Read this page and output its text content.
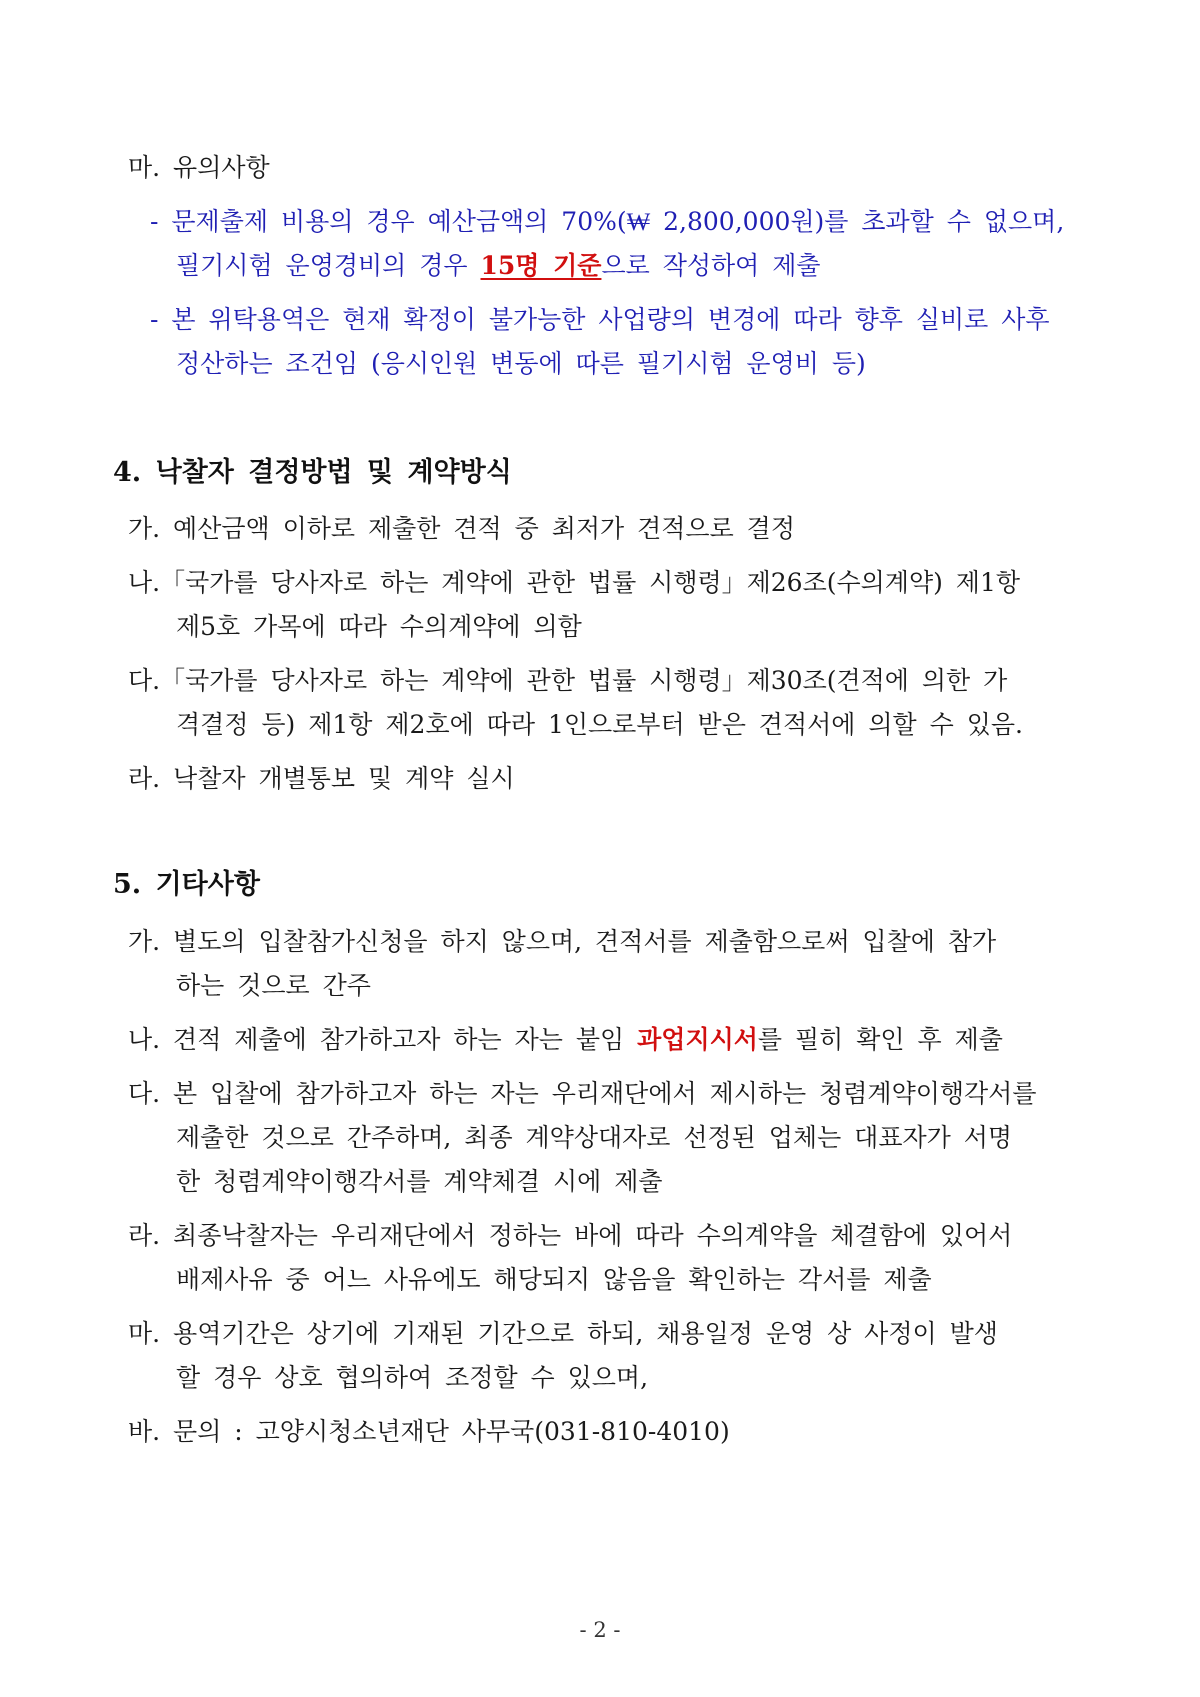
마. 유의사항
- 문제출제 비용의 경우 예산금액의 70%(₩ 2,800,000원)를 초과할 수 없으며,
필기시험 운영경비의 경우 15명 기준으로 작성하여 제출
- 본 위탁용역은 현재 확정이 불가능한 사업량의 변경에 따라 향후 실비로 사후
정산하는 조건임 (응시인원 변동에 따른 필기시험 운영비 등)
4. 낙찰자 결정방법 및 계약방식
가. 예산금액 이하로 제출한 견적 중 최저가 견적으로 결정
나.「국가를 당사자로 하는 계약에 관한 법률 시행령」제26조(수의계약) 제1항
제5호 가목에 따라 수의계약에 의함
다.「국가를 당사자로 하는 계약에 관한 법률 시행령」제30조(견적에 의한 가
격결정 등) 제1항 제2호에 따라 1인으로부터 받은 견적서에 의할 수 있음.
라. 낙찰자 개별통보 및 계약 실시
5. 기타사항
가. 별도의 입찰참가신청을 하지 않으며, 견적서를 제출함으로써 입찰에 참가
하는 것으로 간주
나. 견적 제출에 참가하고자 하는 자는 붙임 과업지시서를 필히 확인 후 제출
다. 본 입찰에 참가하고자 하는 자는 우리재단에서 제시하는 청렴계약이행각서를
제출한 것으로 간주하며, 최종 계약상대자로 선정된 업체는 대표자가 서명
한 청렴계약이행각서를 계약체결 시에 제출
라. 최종낙찰자는 우리재단에서 정하는 바에 따라 수의계약을 체결함에 있어서
배제사유 중 어느 사유에도 해당되지 않음을 확인하는 각서를 제출
마. 용역기간은 상기에 기재된 기간으로 하되, 채용일정 운영 상 사정이 발생
할 경우 상호 협의하여 조정할 수 있으며,
바. 문의 : 고양시청소년재단 사무국(031-810-4010)
- 2 -
